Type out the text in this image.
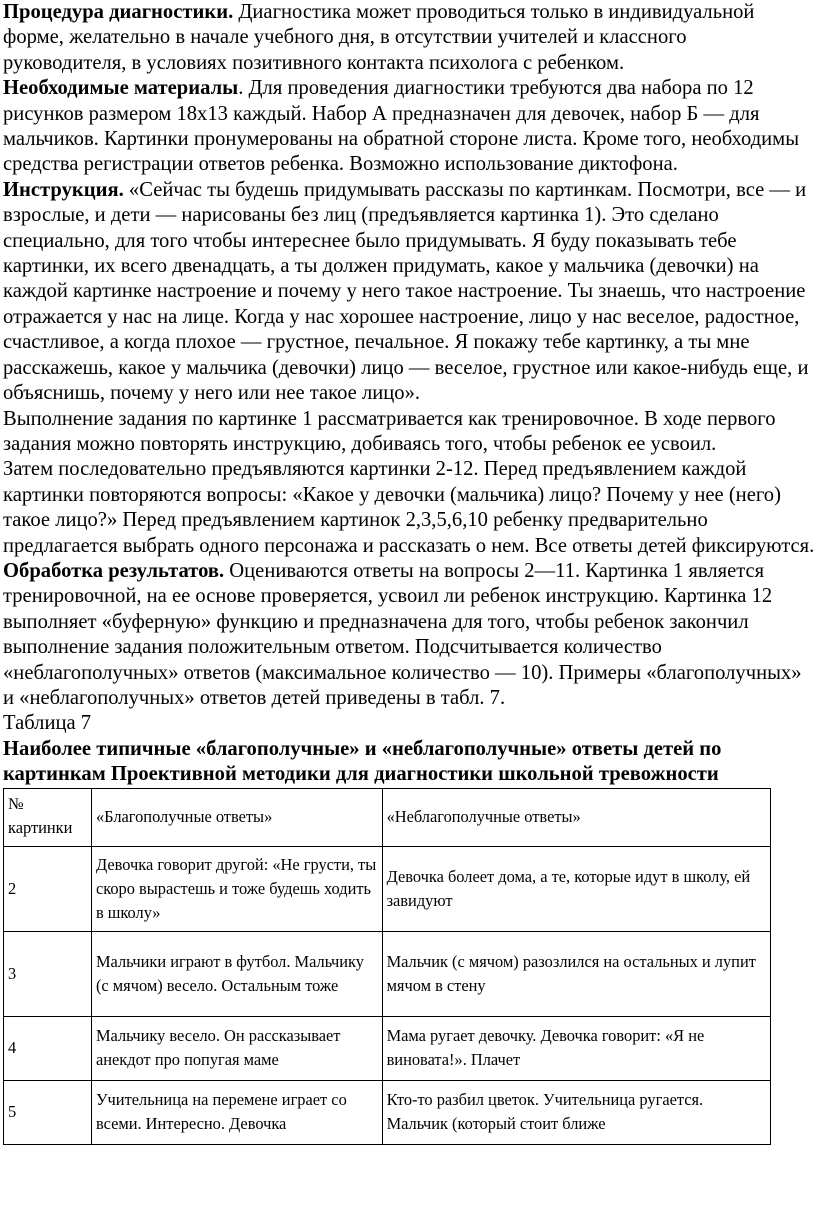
Процедура диагностики. Диагностика может проводиться только в индивидуальной форме, желательно в начале учебного дня, в отсутствии учителей и классного руководителя, в условиях позитивного контакта психолога с ребенком.

Необходимые материалы. Для проведения диагностики требуются два набора по 12 рисунков размером 18x13 каждый. Набор А предназначен для девочек, набор Б — для мальчиков. Картинки пронумерованы на обратной стороне листа. Кроме того, необходимы средства регистрации ответов ребенка. Возможно использование диктофона.

Инструкция. «Сейчас ты будешь придумывать рассказы по картинкам. Посмотри, все — и взрослые, и дети — нарисованы без лиц (предъявляется картинка 1). Это сделано специально, для того чтобы интереснее было придумывать. Я буду показывать тебе картинки, их всего двенадцать, а ты должен придумать, какое у мальчика (девочки) на каждой картинке настроение и почему у него такое настроение. Ты знаешь, что настроение отражается у нас на лице. Когда у нас хорошее настроение, лицо у нас веселое, радостное, счастливое, а когда плохое — грустное, печальное. Я покажу тебе картинку, а ты мне расскажешь, какое у мальчика (девочки) лицо — веселое, грустное или какое-нибудь еще, и объяснишь, почему у него или нее такое лицо».

Выполнение задания по картинке 1 рассматривается как тренировочное. В ходе первого задания можно повторять инструкцию, добиваясь того, чтобы ребенок ее усвоил.

Затем последовательно предъявляются картинки 2-12. Перед предъявлением каждой картинки повторяются вопросы: «Какое у девочки (мальчика) лицо? Почему у нее (него) такое лицо?» Перед предъявлением картинок 2,3,5,6,10 ребенку предварительно предлагается выбрать одного персонажа и рассказать о нем. Все ответы детей фиксируются.

Обработка результатов. Оцениваются ответы на вопросы 2—11. Картинка 1 является тренировочной, на ее основе проверяется, усвоил ли ребенок инструкцию. Картинка 12 выполняет «буферную» функцию и предназначена для того, чтобы ребенок закончил выполнение задания положительным ответом. Подсчитывается количество «неблагополучных» ответов (максимальное количество — 10). Примеры «благополучных» и «неблагополучных» ответов детей приведены в табл. 7.

Таблица 7

Наиболее типичные «благополучные» и «неблагополучные» ответы детей по картинкам Проективной методики для диагностики школьной тревожности

№ картинки	«Благополучные ответы»	«Неблагополучные ответы»
2	Девочка говорит другой: «Не грусти, ты скоро вырастешь и тоже будешь ходить в школу»	Девочка болеет дома, а те, которые идут в школу, ей завидуют
3	Мальчики играют в футбол. Мальчику (с мячом) весело. Остальным тоже	Мальчик (с мячом) разозлился на остальных и лупит мячом в стену
4	Мальчику весело. Он рассказывает анекдот про попугая маме	Мама ругает девочку. Девочка говорит: «Я не виновата!». Плачет
5	Учительница на перемене играет со всеми. Интересно. Девочка	Кто-то разбил цветок. Учительница ругается. Мальчик (который стоит ближе
